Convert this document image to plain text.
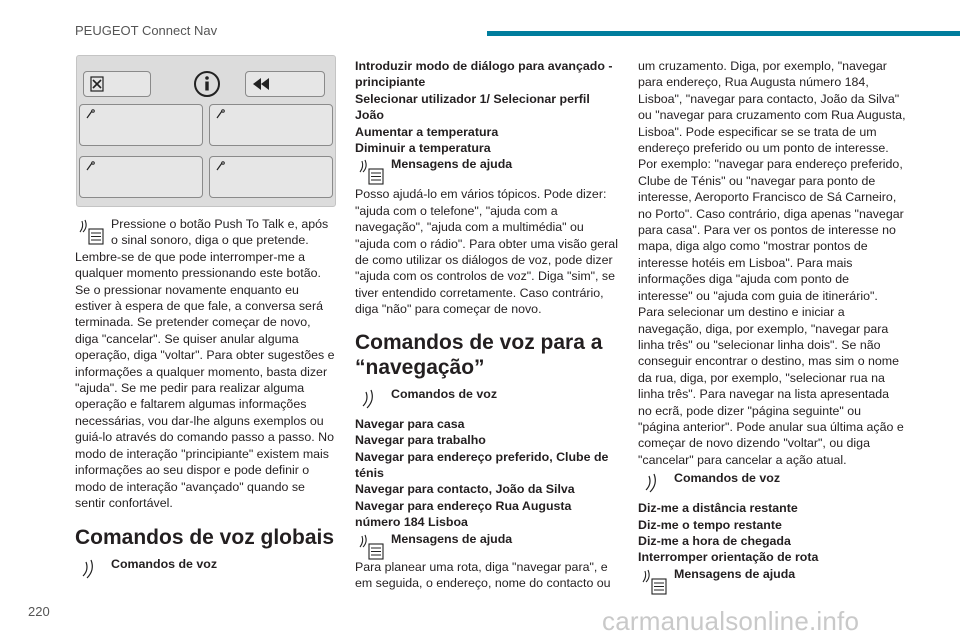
PEUGEOT Connect Nav

Pressione o botão Push To Talk e, após o sinal sonoro, diga o que pretende.

Lembre-se de que pode interromper-me a qualquer momento pressionando este botão. Se o pressionar novamente enquanto eu estiver à espera de que fale, a conversa será terminada. Se pretender começar de novo, diga "cancelar". Se quiser anular alguma operação, diga "voltar". Para obter sugestões e informações a qualquer momento, basta dizer "ajuda". Se me pedir para realizar alguma operação e faltarem algumas informações necessárias, vou dar-lhe alguns exemplos ou guiá-lo através do comando passo a passo. No modo de interação "principiante" existem mais informações ao seu dispor e pode definir o modo de interação "avançado" quando se sentir confortável.

Comandos de voz globais

Comandos de voz

Introduzir modo de diálogo para avançado - principiante

Selecionar utilizador 1/ Selecionar perfil João

Aumentar a temperatura

Diminuir a temperatura

Mensagens de ajuda

Posso ajudá-lo em vários tópicos. Pode dizer: "ajuda com o telefone", "ajuda com a navegação", "ajuda com a multimédia" ou "ajuda com o rádio". Para obter uma visão geral de como utilizar os diálogos de voz, pode dizer "ajuda com os controlos de voz". Diga "sim", se tiver entendido corretamente. Caso contrário, diga "não" para começar de novo.

Comandos de voz para a “navegação”

Comandos de voz

Navegar para casa

Navegar para trabalho

Navegar para endereço preferido, Clube de ténis

Navegar para contacto, João da Silva

Navegar para endereço Rua Augusta número 184 Lisboa

Mensagens de ajuda

Para planear uma rota, diga "navegar para", e em seguida, o endereço, nome do contacto ou

um cruzamento. Diga, por exemplo, "navegar para endereço, Rua Augusta número 184, Lisboa", "navegar para contacto, João da Silva" ou "navegar para cruzamento com Rua Augusta, Lisboa". Pode especificar se se trata de um endereço preferido ou um ponto de interesse. Por exemplo: "navegar para endereço preferido, Clube de Ténis" ou "navegar para ponto de interesse, Aeroporto Francisco de Sá Carneiro, no Porto". Caso contrário, diga apenas "navegar para casa". Para ver os pontos de interesse no mapa, diga algo como "mostrar pontos de interesse hotéis em Lisboa". Para mais informações diga "ajuda com ponto de interesse" ou "ajuda com guia de itinerário". Para selecionar um destino e iniciar a navegação, diga, por exemplo, "navegar para linha três" ou "selecionar linha dois". Se não conseguir encontrar o destino, mas sim o nome da rua, diga, por exemplo, "selecionar rua na linha três". Para navegar na lista apresentada no ecrã, pode dizer "página seguinte" ou "página anterior". Pode anular sua última ação e começar de novo dizendo "voltar", ou diga "cancelar" para cancelar a ação atual.

Comandos de voz

Diz-me a distância restante

Diz-me o tempo restante

Diz-me a hora de chegada

Interromper orientação de rota

Mensagens de ajuda

220	carmanualsonline.info
